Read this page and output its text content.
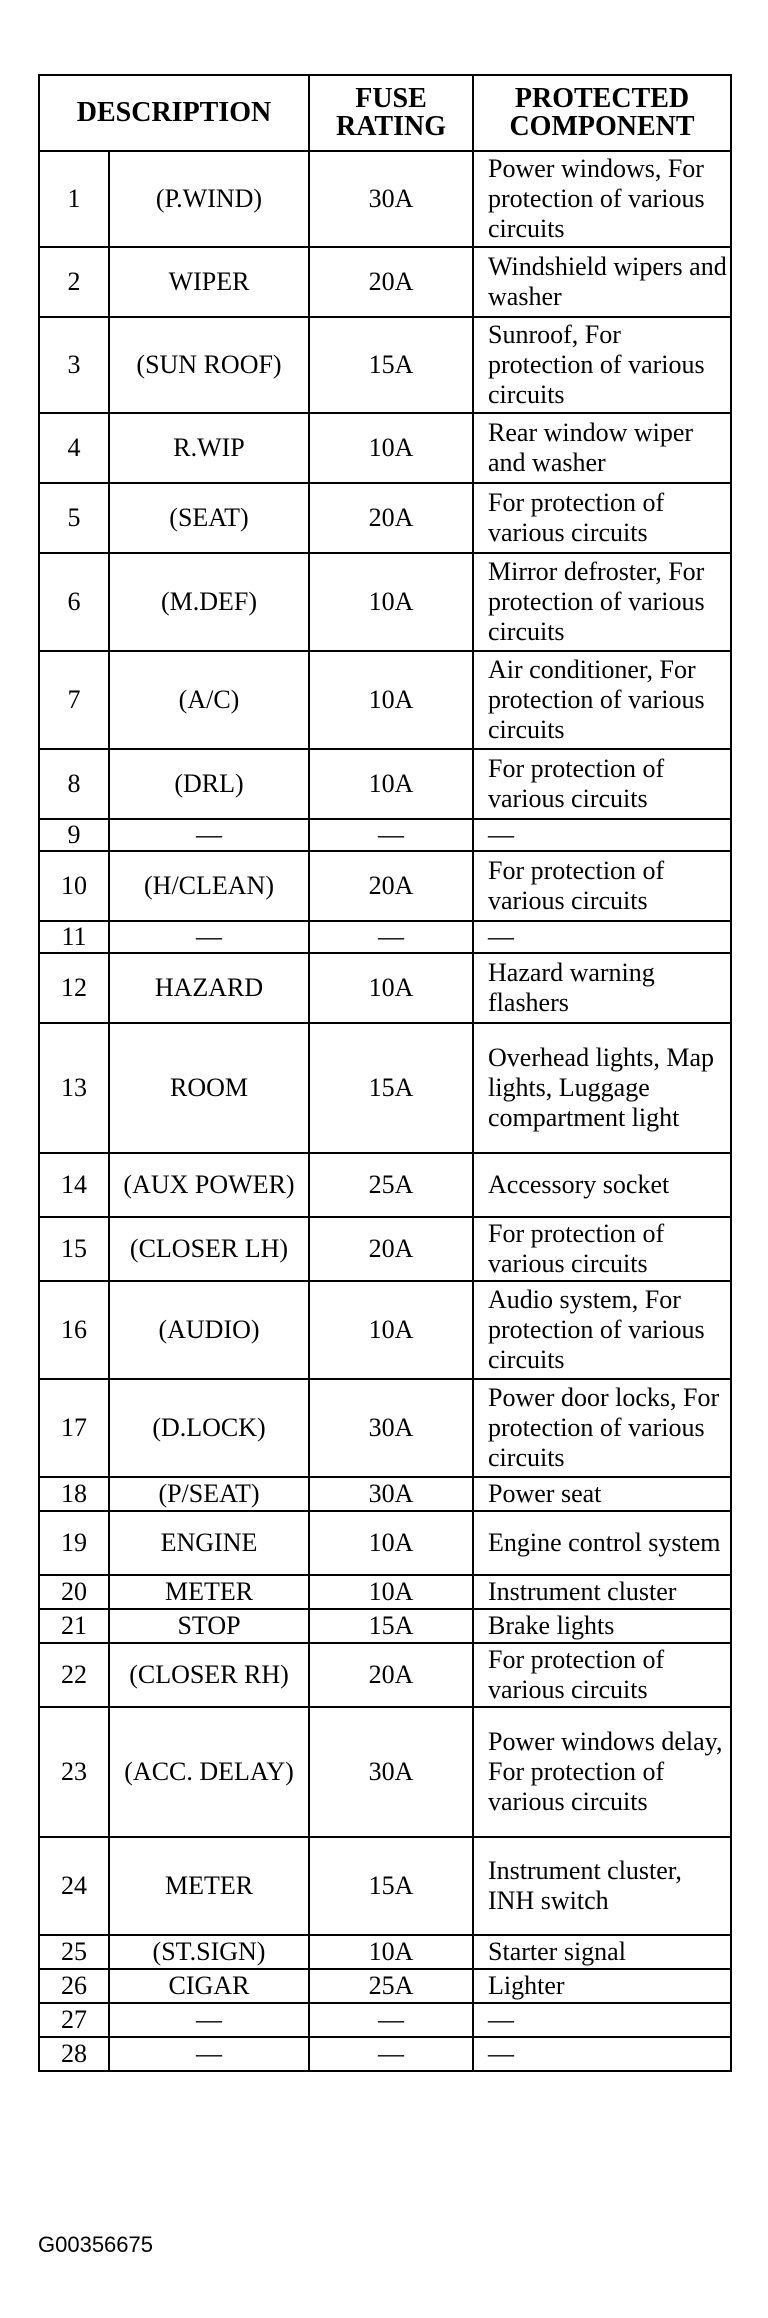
DESCRIPTION		FUSE RATING	PROTECTED COMPONENT
1	(P.WIND)	30A	Power windows, For protection of various circuits
2	WIPER	20A	Windshield wipers and washer
3	(SUN ROOF)	15A	Sunroof, For protection of various circuits
4	R.WIP	10A	Rear window wiper and washer
5	(SEAT)	20A	For protection of various circuits
6	(M.DEF)	10A	Mirror defroster, For protection of various circuits
7	(A/C)	10A	Air conditioner, For protection of various circuits
8	(DRL)	10A	For protection of various circuits
9	—	—	—
10	(H/CLEAN)	20A	For protection of various circuits
11	—	—	—
12	HAZARD	10A	Hazard warning flashers
13	ROOM	15A	Overhead lights, Map lights, Luggage compartment light
14	(AUX POWER)	25A	Accessory socket
15	(CLOSER LH)	20A	For protection of various circuits
16	(AUDIO)	10A	Audio system, For protection of various circuits
17	(D.LOCK)	30A	Power door locks, For protection of various circuits
18	(P/SEAT)	30A	Power seat
19	ENGINE	10A	Engine control system
20	METER	10A	Instrument cluster
21	STOP	15A	Brake lights
22	(CLOSER RH)	20A	For protection of various circuits
23	(ACC. DELAY)	30A	Power windows delay, For protection of various circuits
24	METER	15A	Instrument cluster, INH switch
25	(ST.SIGN)	10A	Starter signal
26	CIGAR	25A	Lighter
27	—	—	—
28	—	—	—
G00356675
